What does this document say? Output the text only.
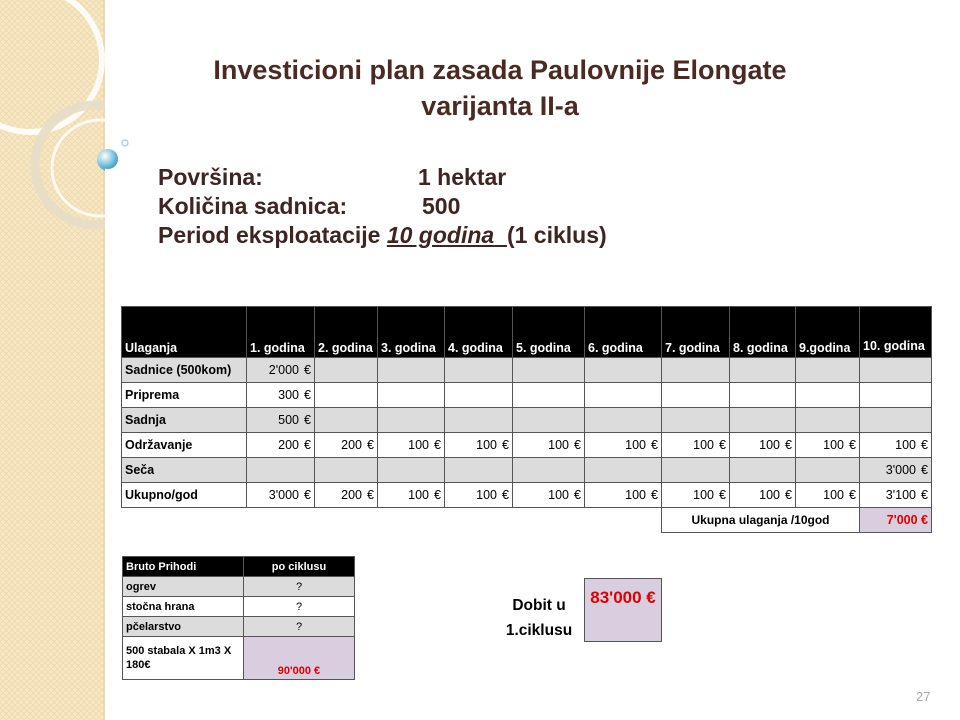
Investicioni plan zasada Paulovnije Elongate
varijanta II-a
Površina:	1 hektar
Količina sadnica:	500
Period eksploatacije 10 godina (1 ciklus)
Ulaganja	1. godina	2. godina	3. godina	4. godina	5. godina	6. godina	7. godina	8. godina	9.godina	10. godina
Sadnice (500kom)	2'000 €									
Priprema	300 €									
Sadnja	500 €									
Održavanje	200 €	200 €	100 €	100 €	100 €	100 €	100 €	100 €	100 €	100 €
Seča										3'000 €
Ukupno/god	3'000 €	200 €	100 €	100 €	100 €	100 €	100 €	100 €	100 €	3'100 €
							Ukupna ulaganja /10god			7'000 €
Bruto Prihodi	po ciklusu
ogrev	?
stočna hrana	?
pčelarstvo	?
500 stabala X 1m3 X 180€	90'000 €
Dobit u 1.ciklusu
83'000 €
27
